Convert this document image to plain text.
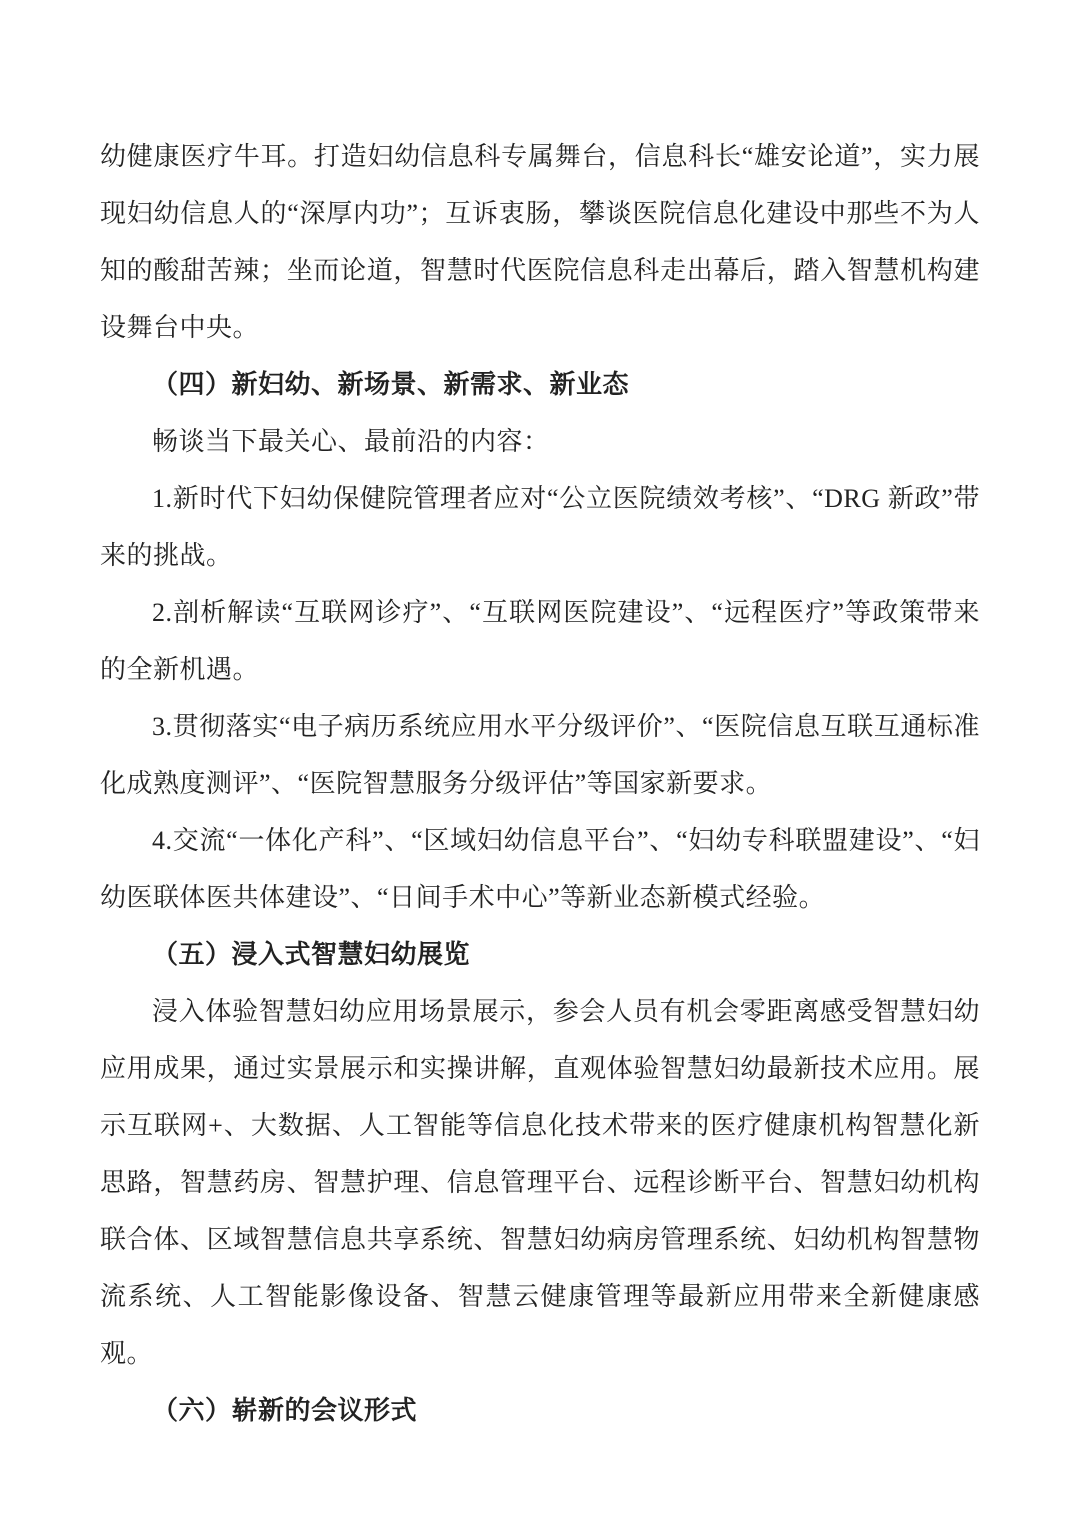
幼健康医疗牛耳。打造妇幼信息科专属舞台，信息科长“雄安论道”，实力展现妇幼信息人的“深厚内功”；互诉衷肠，攀谈医院信息化建设中那些不为人知的酸甜苦辣；坐而论道，智慧时代医院信息科走出幕后，踏入智慧机构建设舞台中央。

（四）新妇幼、新场景、新需求、新业态

畅谈当下最关心、最前沿的内容：

1.新时代下妇幼保健院管理者应对“公立医院绩效考核”、“DRG 新政”带来的挑战。

2.剖析解读“互联网诊疗”、“互联网医院建设”、“远程医疗”等政策带来的全新机遇。

3.贯彻落实“电子病历系统应用水平分级评价”、“医院信息互联互通标准化成熟度测评”、“医院智慧服务分级评估”等国家新要求。

4.交流“一体化产科”、“区域妇幼信息平台”、“妇幼专科联盟建设”、“妇幼医联体医共体建设”、“日间手术中心”等新业态新模式经验。

（五）浸入式智慧妇幼展览

浸入体验智慧妇幼应用场景展示，参会人员有机会零距离感受智慧妇幼应用成果，通过实景展示和实操讲解，直观体验智慧妇幼最新技术应用。展示互联网+、大数据、人工智能等信息化技术带来的医疗健康机构智慧化新思路，智慧药房、智慧护理、信息管理平台、远程诊断平台、智慧妇幼机构联合体、区域智慧信息共享系统、智慧妇幼病房管理系统、妇幼机构智慧物流系统、人工智能影像设备、智慧云健康管理等最新应用带来全新健康感观。

（六）崭新的会议形式
